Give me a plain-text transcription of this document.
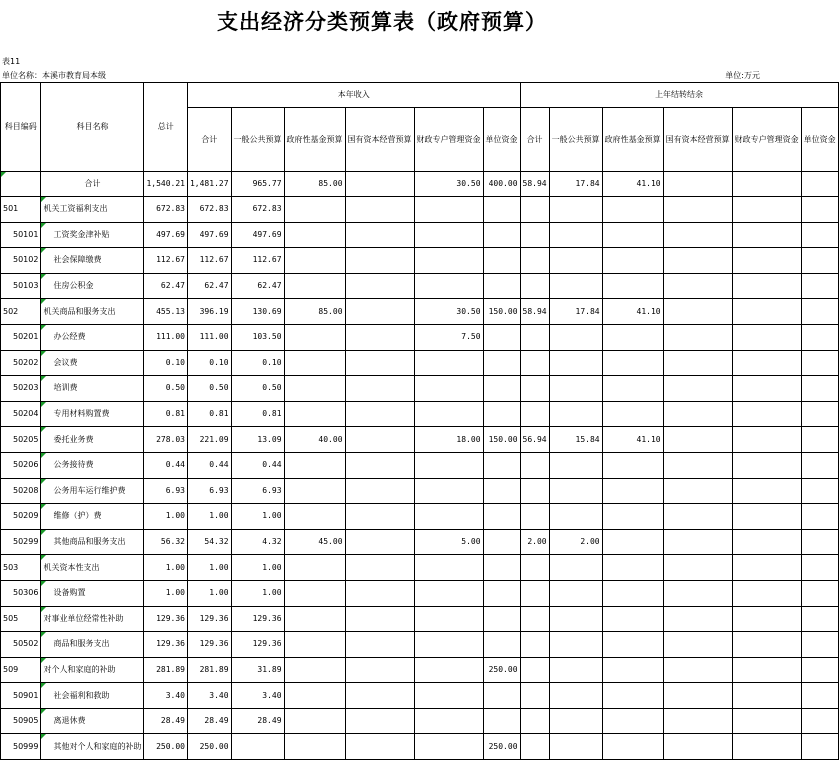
支出经济分类预算表（政府预算）
表11
单位名称：本溪市教育局本级	单位:万元
科目编码	科目名称	总计	本年收入						上年结转结余					
			合计	一般公共预算	政府性基金预算	国有资本经营预算	财政专户管理资金	单位资金	合计	一般公共预算	政府性基金预算	国有资本经营预算	财政专户管理资金	单位资金
	合计	1,540.21	1,481.27	965.77	85.00		30.50	400.00	58.94	17.84	41.10			
501	机关工资福利支出	672.83	672.83	672.83										
50101	工资奖金津补贴	497.69	497.69	497.69										
50102	社会保障缴费	112.67	112.67	112.67										
50103	住房公积金	62.47	62.47	62.47										
502	机关商品和服务支出	455.13	396.19	130.69	85.00		30.50	150.00	58.94	17.84	41.10			
50201	办公经费	111.00	111.00	103.50			7.50							
50202	会议费	0.10	0.10	0.10										
50203	培训费	0.50	0.50	0.50										
50204	专用材料购置费	0.81	0.81	0.81										
50205	委托业务费	278.03	221.09	13.09	40.00		18.00	150.00	56.94	15.84	41.10			
50206	公务接待费	0.44	0.44	0.44										
50208	公务用车运行维护费	6.93	6.93	6.93										
50209	维修（护）费	1.00	1.00	1.00										
50299	其他商品和服务支出	56.32	54.32	4.32	45.00		5.00		2.00	2.00				
503	机关资本性支出	1.00	1.00	1.00										
50306	设备购置	1.00	1.00	1.00										
505	对事业单位经常性补助	129.36	129.36	129.36										
50502	商品和服务支出	129.36	129.36	129.36										
509	对个人和家庭的补助	281.89	281.89	31.89				250.00						
50901	社会福利和救助	3.40	3.40	3.40										
50905	离退休费	28.49	28.49	28.49										
50999	其他对个人和家庭的补助	250.00	250.00					250.00						
